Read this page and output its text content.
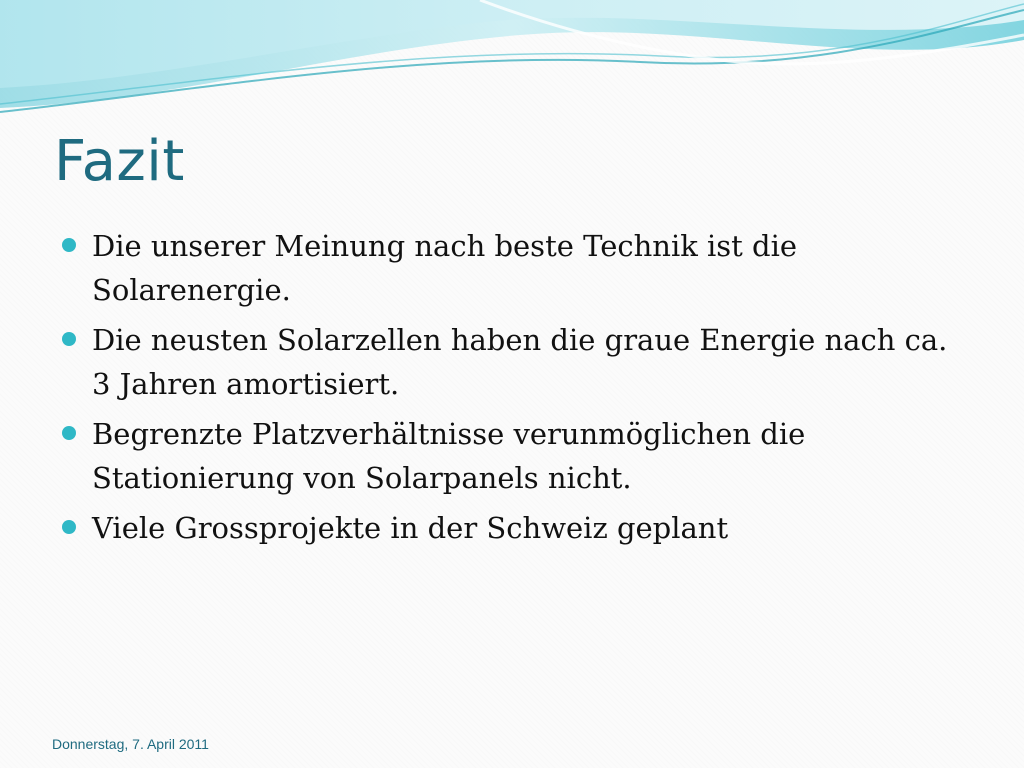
Fazit
Die unserer Meinung nach beste Technik ist die Solarenergie.
Die neusten Solarzellen haben die graue Energie nach ca. 3 Jahren amortisiert.
Begrenzte Platzverhältnisse verunmöglichen die Stationierung von Solarpanels nicht.
Viele Grossprojekte in der Schweiz geplant
Donnerstag, 7. April 2011
